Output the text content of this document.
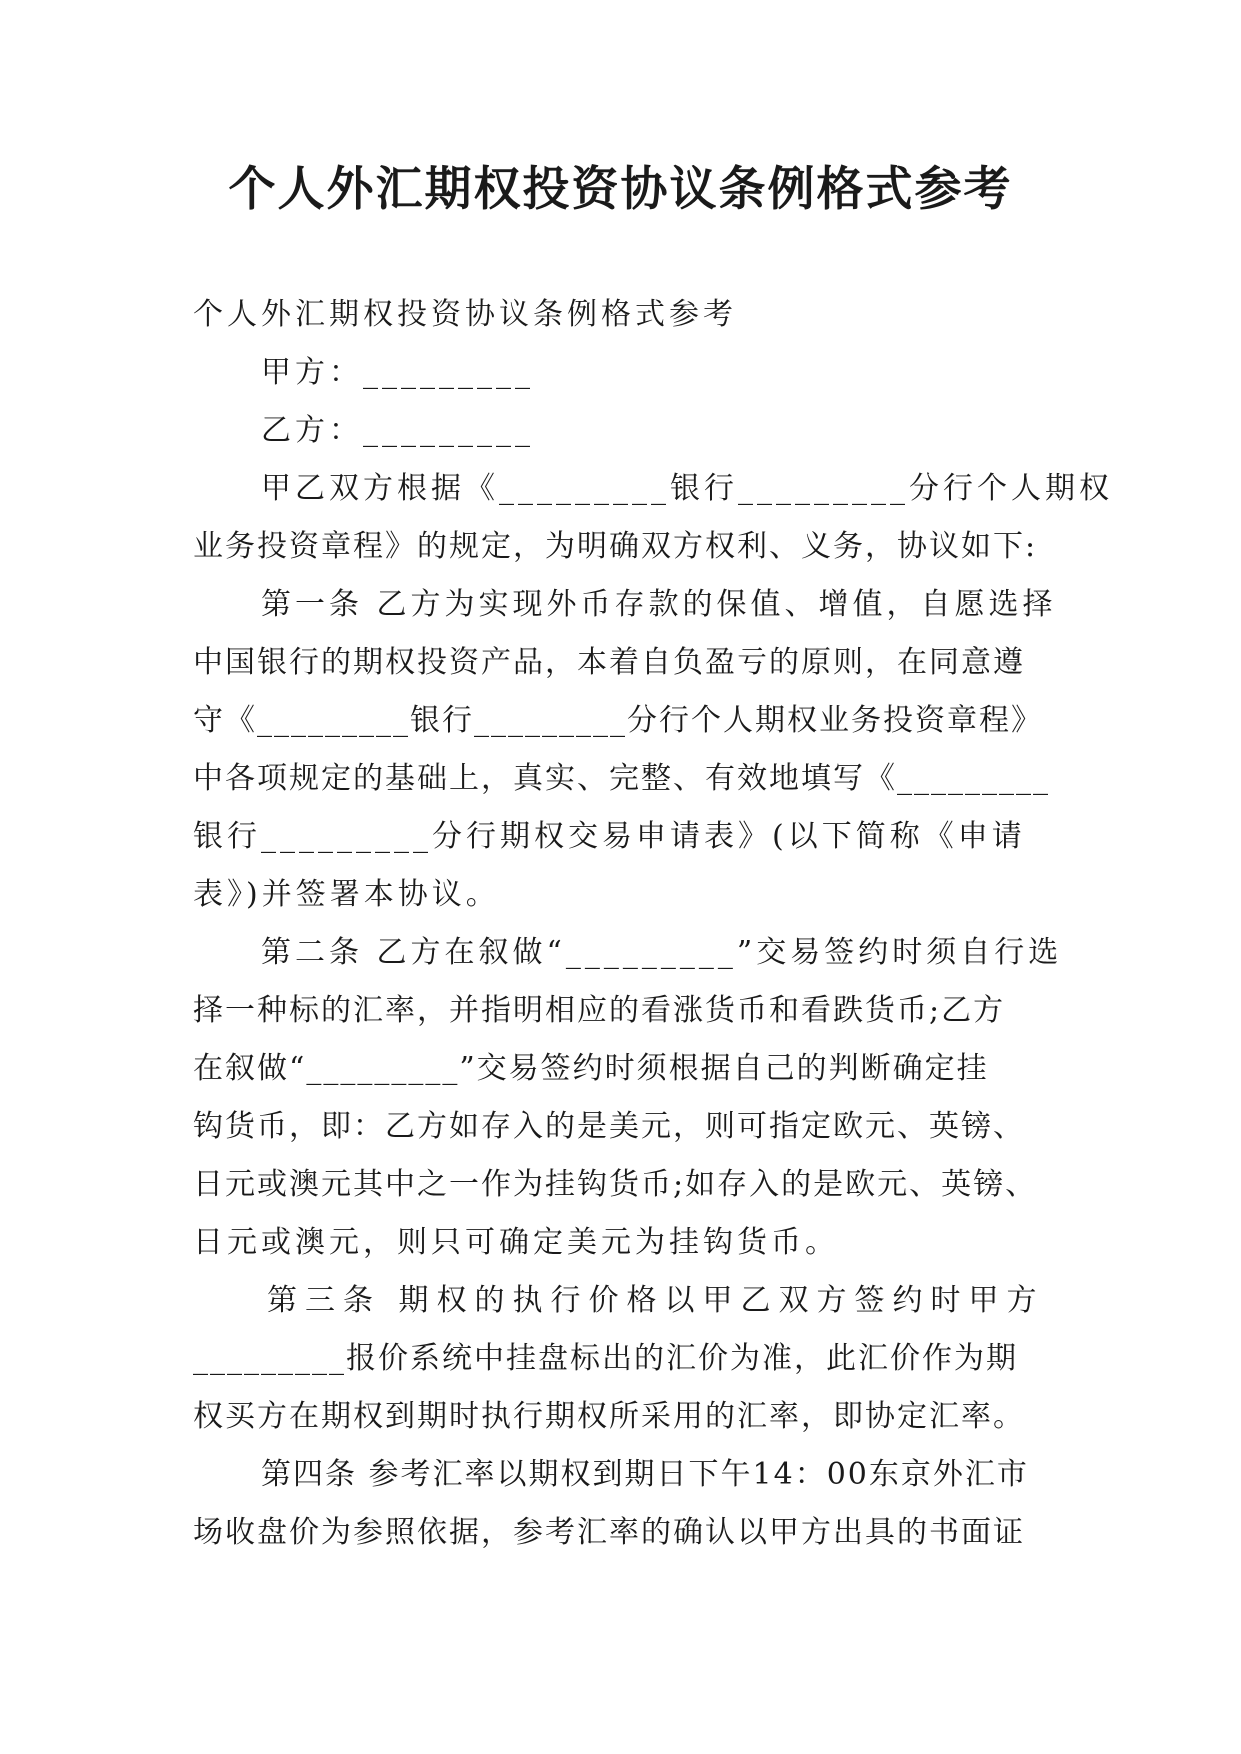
个人外汇期权投资协议条例格式参考

个人外汇期权投资协议条例格式参考

甲方：_________

乙方：_________

甲乙双方根据《_________银行_________分行个人期权
业务投资章程》的规定，为明确双方权利、义务，协议如下:
第一条 乙方为实现外币存款的保值、增值，自愿选择
中国银行的期权投资产品，本着自负盈亏的原则，在同意遵
守《_________银行_________分行个人期权业务投资章程》
中各项规定的基础上，真实、完整、有效地填写《_________
银行_________分行期权交易申请表》(以下简称《申请
表》)并签署本协议。
第二条 乙方在叙做“_________”交易签约时须自行选
择一种标的汇率，并指明相应的看涨货币和看跌货币;乙方
在叙做“_________”交易签约时须根据自己的判断确定挂
钩货币，即：乙方如存入的是美元，则可指定欧元、英镑、
日元或澳元其中之一作为挂钩货币;如存入的是欧元、英镑、
日元或澳元，则只可确定美元为挂钩货币。
第三条 期权的执行价格以甲乙双方签约时甲方
_________报价系统中挂盘标出的汇价为准，此汇价作为期
权买方在期权到期时执行期权所采用的汇率，即协定汇率。
第四条 参考汇率以期权到期日下午14：00东京外汇市
场收盘价为参照依据，参考汇率的确认以甲方出具的书面证
